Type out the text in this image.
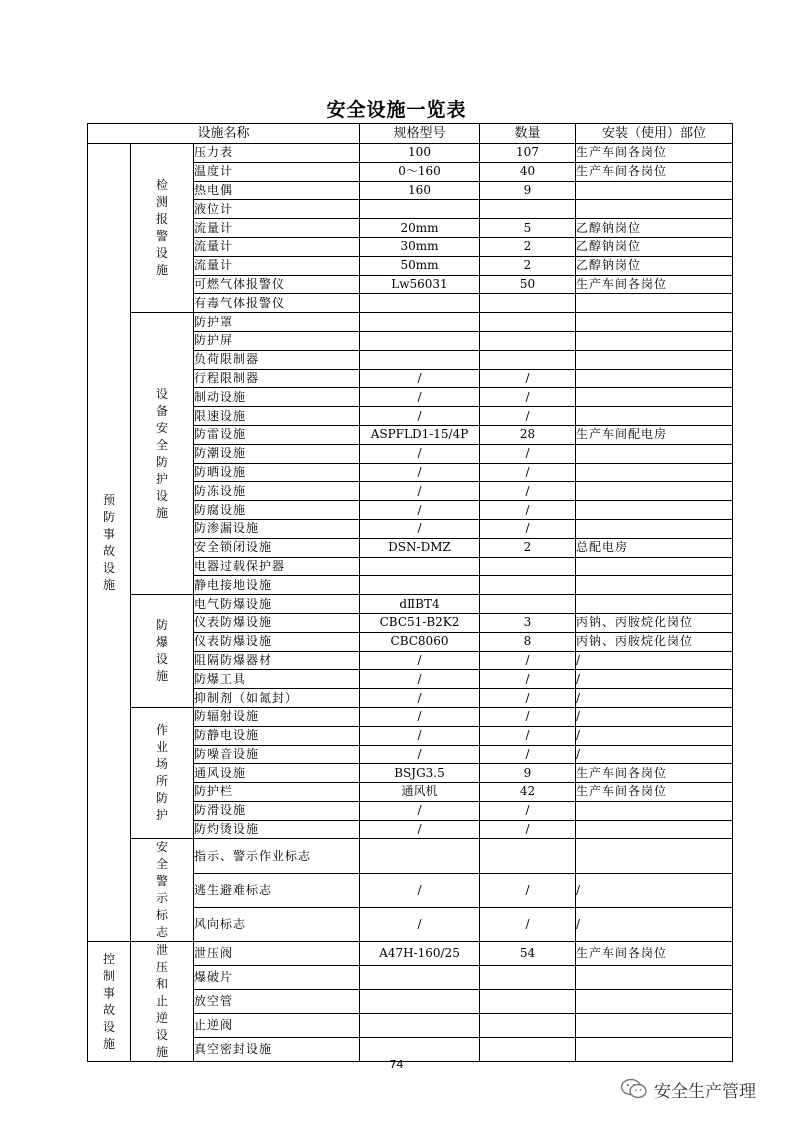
安全设施一览表
设施名称			规格型号	数量	安装（使用）部位
预防事故设施	检测报警设施	压力表	100	107	生产车间各岗位
		温度计	0～160	40	生产车间各岗位
		热电偶	160	9	
		液位计			
		流量计	20mm	5	乙醇钠岗位
		流量计	30mm	2	乙醇钠岗位
		流量计	50mm	2	乙醇钠岗位
		可燃气体报警仪	Lw56031	50	生产车间各岗位
		有毒气体报警仪			
	设备安全防护设施	防护罩			
		防护屏			
		负荷限制器			
		行程限制器	/	/	
		制动设施	/	/	
		限速设施	/	/	
		防雷设施	ASPFLD1-15/4P	28	生产车间配电房
		防潮设施	/	/	
		防晒设施	/	/	
		防冻设施	/	/	
		防腐设施	/	/	
		防渗漏设施	/	/	
		安全锁闭设施	DSN-DMZ	2	总配电房
		电器过载保护器			
		静电接地设施			
	防爆设施	电气防爆设施	dⅡBT4		
		仪表防爆设施	CBC51-B2K2	3	丙钠、丙胺烷化岗位
		仪表防爆设施	CBC8060	8	丙钠、丙胺烷化岗位
		阻隔防爆器材	/	/	/
		防爆工具	/	/	/
		抑制剂（如氮封）	/	/	/
	作业场所防护	防辐射设施	/	/	/
		防静电设施	/	/	/
		防噪音设施	/	/	/
		通风设施	BSJG3.5	9	生产车间各岗位
		防护栏	通风机	42	生产车间各岗位
		防滑设施	/	/	
		防灼烫设施	/	/	
	安全警示标志	指示、警示作业标志			
		逃生避难标志	/	/	/
		风向标志	/	/	/
控制事故设施	泄压和止逆设施	泄压阀	A47H-160/25	54	生产车间各岗位
		爆破片			
		放空管			
		止逆阀			
		真空密封设施			
74
安全生产管理
